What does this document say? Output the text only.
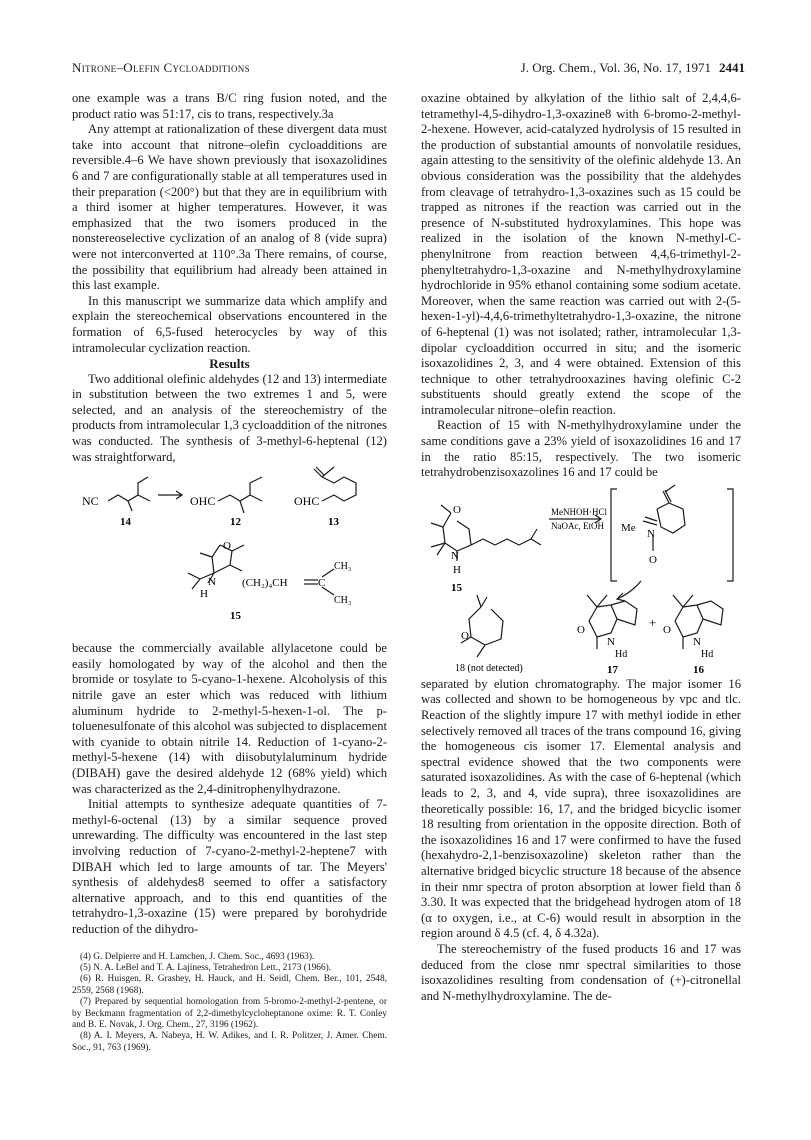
Nitrone–Olefin Cycloadditions	J. Org. Chem., Vol. 36, No. 17, 1971 2441

one example was a trans B/C ring fusion noted, and the product ratio was 51:17, cis to trans, respectively.3a

Any attempt at rationalization of these divergent data must take into account that nitrone–olefin cycloadditions are reversible.4–6 We have shown previously that isoxazolidines 6 and 7 are configurationally stable at all temperatures used in their preparation (<200°) but that they are in equilibrium with a third isomer at higher temperatures. However, it was emphasized that the two isomers produced in the nonstereoselective cyclization of an analog of 8 (vide supra) were not interconverted at 110°.3a There remains, of course, the possibility that equilibrium had already been attained in this last example.

In this manuscript we summarize data which amplify and explain the stereochemical observations encountered in the formation of 6,5-fused heterocycles by way of this intramolecular cyclization reaction.

Results

Two additional olefinic aldehydes (12 and 13) intermediate in substitution between the two extremes 1 and 5, were selected, and an analysis of the stereochemistry of the products from intramolecular 1,3 cycloaddition of the nitrones was conducted. The synthesis of 3-methyl-6-heptenal (12) was straightforward,

NC	OHC	OHC
14	12	13
O
N
H
(CH₂)₄CH	C
CH₃
CH₃
15

because the commercially available allylacetone could be easily homologated by way of the alcohol and then the bromide or tosylate to 5-cyano-1-hexene. Alcoholysis of this nitrile gave an ester which was reduced with lithium aluminum hydride to 2-methyl-5-hexen-1-ol. The p-toluenesulfonate of this alcohol was subjected to displacement with cyanide to obtain nitrile 14. Reduction of 1-cyano-2-methyl-5-hexene (14) with diisobutylaluminum hydride (DIBAH) gave the desired aldehyde 12 (68% yield) which was characterized as the 2,4-dinitrophenylhydrazone.

Initial attempts to synthesize adequate quantities of 7-methyl-6-octenal (13) by a similar sequence proved unrewarding. The difficulty was encountered in the last step involving reduction of 7-cyano-2-methyl-2-heptene7 with DIBAH which led to large amounts of tar. The Meyers' synthesis of aldehydes8 seemed to offer a satisfactory alternative approach, and to this end quantities of the tetrahydro-1,3-oxazine (15) were prepared by borohydride reduction of the dihydro-

(4) G. Delpierre and H. Lamchen, J. Chem. Soc., 4693 (1963).

(5) N. A. LeBel and T. A. Lajiness, Tetrahedron Lett., 2173 (1966).

(6) R. Huisgen, R. Grashey, H. Hauck, and H. Seidl, Chem. Ber., 101, 2548, 2559, 2568 (1968).

(7) Prepared by sequential homologation from 5-bromo-2-methyl-2-pentene, or by Beckmann fragmentation of 2,2-dimethylcycloheptanone oxime: R. T. Conley and B. E. Novak, J. Org. Chem., 27, 3196 (1962).

(8) A. I. Meyers, A. Nabeya, H. W. Adikes, and I. R. Politzer, J. Amer. Chem. Soc., 91, 763 (1969).

oxazine obtained by alkylation of the lithio salt of 2,4,4,6-tetramethyl-4,5-dihydro-1,3-oxazine8 with 6-bromo-2-methyl-2-hexene. However, acid-catalyzed hydrolysis of 15 resulted in the production of substantial amounts of nonvolatile residues, again attesting to the sensitivity of the olefinic aldehyde 13. An obvious consideration was the possibility that the aldehydes from cleavage of tetrahydro-1,3-oxazines such as 15 could be trapped as nitrones if the reaction was carried out in the presence of N-substituted hydroxylamines. This hope was realized in the isolation of the known N-methyl-C-phenylnitrone from reaction between 4,4,6-trimethyl-2-phenyltetrahydro-1,3-oxazine and N-methylhydroxylamine hydrochloride in 95% ethanol containing some sodium acetate. Moreover, when the same reaction was carried out with 2-(5-hexen-1-yl)-4,4,6-trimethyltetrahydro-1,3-oxazine, the nitrone of 6-heptenal (1) was not isolated; rather, intramolecular 1,3-dipolar cycloaddition occurred in situ; and the isomeric isoxazolidines 2, 3, and 4 were obtained. Extension of this technique to other tetrahydrooxazines having olefinic C-2 substituents should greatly extend the scope of the intramolecular nitrone–olefin reaction.

Reaction of 15 with N-methylhydroxylamine under the same conditions gave a 23% yield of isoxazolidines 16 and 17 in the ratio 85:15, respectively. The two isomeric tetrahydrobenzisoxazolines 16 and 17 could be

O
N
H
15
MeNHOH·HCl
NaOAc, EtOH Me N
O
O	O
N
Hd
+ O
N
Hd
18 (not detected)	17	16

separated by elution chromatography. The major isomer 16 was collected and shown to be homogeneous by vpc and tlc. Reaction of the slightly impure 17 with methyl iodide in ether selectively removed all traces of the trans compound 16, giving the homogeneous cis isomer 17. Elemental analysis and spectral evidence showed that the two components were saturated isoxazolidines. As with the case of 6-heptenal (which leads to 2, 3, and 4, vide supra), three isoxazolidines are theoretically possible: 16, 17, and the bridged bicyclic isomer 18 resulting from orientation in the opposite direction. Both of the isoxazolidines 16 and 17 were confirmed to have the fused (hexahydro-2,1-benzisoxazoline) skeleton rather than the alternative bridged bicyclic structure 18 because of the absence in their nmr spectra of proton absorption at lower field than δ 3.30. It was expected that the bridgehead hydrogen atom of 18 (α to oxygen, i.e., at C-6) would result in absorption in the region around δ 4.5 (cf. 4, δ 4.32a).

The stereochemistry of the fused products 16 and 17 was deduced from the close nmr spectral similarities to those isoxazolidines resulting from condensation of (+)-citronellal and N-methylhydroxylamine. The de-
